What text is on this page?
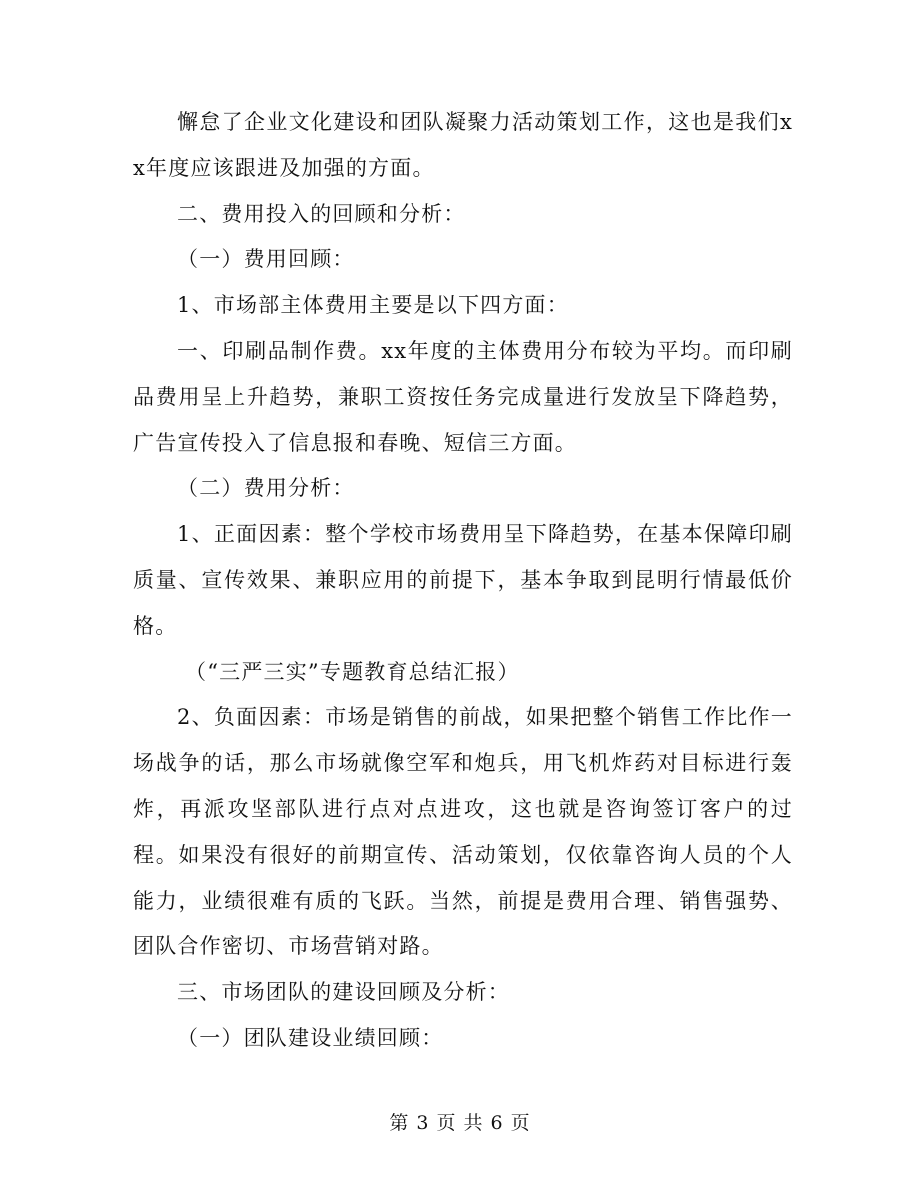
懈怠了企业文化建设和团队凝聚力活动策划工作，这也是我们xx年度应该跟进及加强的方面。

二、费用投入的回顾和分析：

（一）费用回顾：

1、市场部主体费用主要是以下四方面：

一、印刷品制作费。xx年度的主体费用分布较为平均。而印刷品费用呈上升趋势，兼职工资按任务完成量进行发放呈下降趋势，广告宣传投入了信息报和春晚、短信三方面。

（二）费用分析：

1、正面因素：整个学校市场费用呈下降趋势，在基本保障印刷质量、宣传效果、兼职应用的前提下，基本争取到昆明行情最低价格。

（“三严三实”专题教育总结汇报）

2、负面因素：市场是销售的前战，如果把整个销售工作比作一场战争的话，那么市场就像空军和炮兵，用飞机炸药对目标进行轰炸，再派攻坚部队进行点对点进攻，这也就是咨询签订客户的过程。如果没有很好的前期宣传、活动策划，仅依靠咨询人员的个人能力，业绩很难有质的飞跃。当然，前提是费用合理、销售强势、团队合作密切、市场营销对路。

三、市场团队的建设回顾及分析：

（一）团队建设业绩回顾：

第 3 页 共 6 页
